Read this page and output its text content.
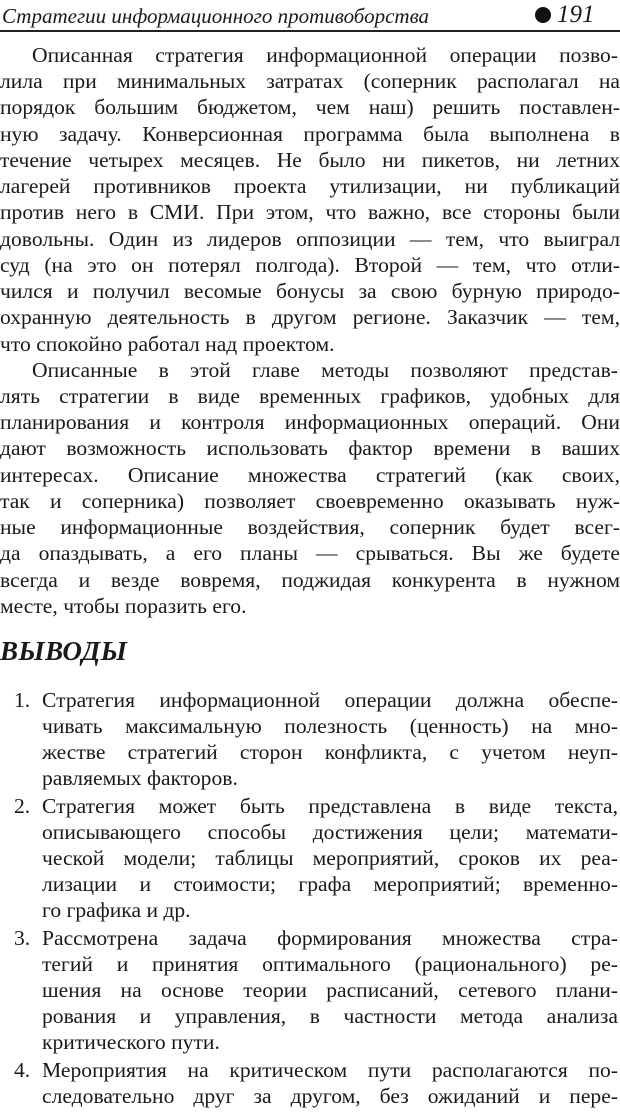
Стратегии информационного противоборства	191
Описанная стратегия информационной операции позво-
лила при минимальных затратах (соперник располагал на
порядок большим бюджетом, чем наш) решить поставлен-
ную задачу. Конверсионная программа была выполнена в
течение четырех месяцев. Не было ни пикетов, ни летних
лагерей противников проекта утилизации, ни публикаций
против него в СМИ. При этом, что важно, все стороны были
довольны. Один из лидеров оппозиции — тем, что выиграл
суд (на это он потерял полгода). Второй — тем, что отли-
чился и получил весомые бонусы за свою бурную природо-
охранную деятельность в другом регионе. Заказчик — тем,
что спокойно работал над проектом.
Описанные в этой главе методы позволяют представ-
лять стратегии в виде временных графиков, удобных для
планирования и контроля информационных операций. Они
дают возможность использовать фактор времени в ваших
интересах. Описание множества стратегий (как своих,
так и соперника) позволяет своевременно оказывать нуж-
ные информационные воздействия, соперник будет всег-
да опаздывать, а его планы — срываться. Вы же будете
всегда и везде вовремя, поджидая конкурента в нужном
месте, чтобы поразить его.
ВЫВОДЫ
1. Стратегия информационной операции должна обеспе-
чивать максимальную полезность (ценность) на мно-
жестве стратегий сторон конфликта, с учетом неуп-
равляемых факторов.
2. Стратегия может быть представлена в виде текста,
описывающего способы достижения цели; математи-
ческой модели; таблицы мероприятий, сроков их реа-
лизации и стоимости; графа мероприятий; временно-
го графика и др.
3. Рассмотрена задача формирования множества стра-
тегий и принятия оптимального (рационального) ре-
шения на основе теории расписаний, сетевого плани-
рования и управления, в частности метода анализа
критического пути.
4. Мероприятия на критическом пути располагаются по-
следовательно друг за другом, без ожиданий и пере-
